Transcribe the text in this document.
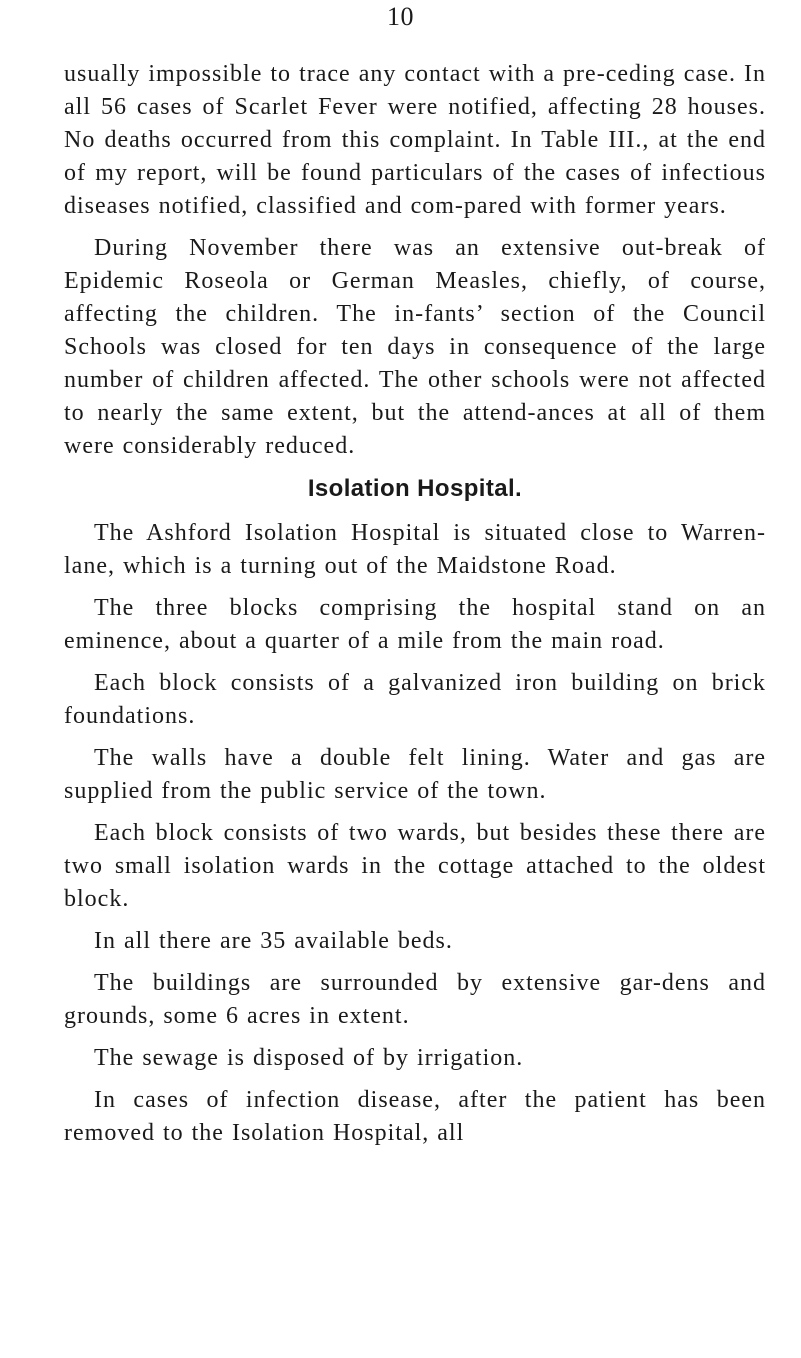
10

usually impossible to trace any contact with a pre-ceding case. In all 56 cases of Scarlet Fever were notified, affecting 28 houses. No deaths occurred from this complaint. In Table III., at the end of my report, will be found particulars of the cases of infectious diseases notified, classified and com-pared with former years.

During November there was an extensive out-break of Epidemic Roseola or German Measles, chiefly, of course, affecting the children. The in-fants’ section of the Council Schools was closed for ten days in consequence of the large number of children affected. The other schools were not affected to nearly the same extent, but the attend-ances at all of them were considerably reduced.

Isolation Hospital.

The Ashford Isolation Hospital is situated close to Warren-lane, which is a turning out of the Maidstone Road.

The three blocks comprising the hospital stand on an eminence, about a quarter of a mile from the main road.

Each block consists of a galvanized iron building on brick foundations.

The walls have a double felt lining. Water and gas are supplied from the public service of the town.

Each block consists of two wards, but besides these there are two small isolation wards in the cottage attached to the oldest block.

In all there are 35 available beds.

The buildings are surrounded by extensive gar-dens and grounds, some 6 acres in extent.

The sewage is disposed of by irrigation.

In cases of infection disease, after the patient has been removed to the Isolation Hospital, all
